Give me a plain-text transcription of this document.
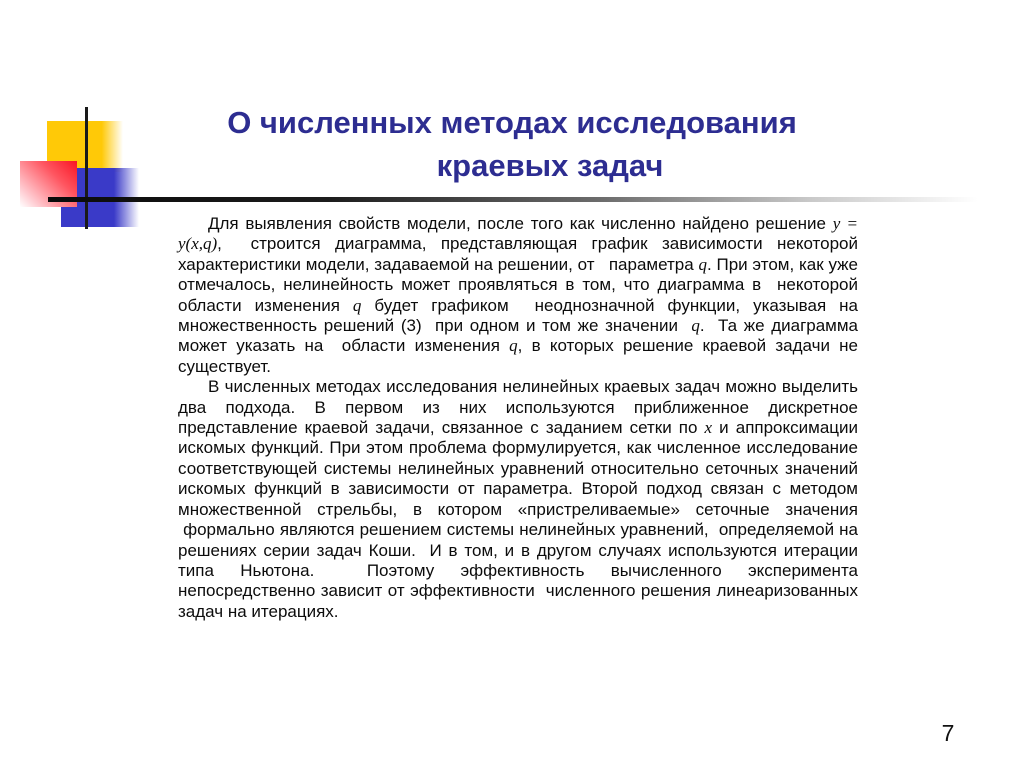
О численных методах исследования
краевых задач

Для выявления свойств модели, после того как численно найдено решение y = y(x,q),  строится диаграмма, представляющая график зависимости некоторой характеристики модели, задаваемой на решении, от   параметра q. При этом, как уже отмечалось, нелинейность может проявляться в том, что диаграмма в  некоторой области изменения q будет графиком  неоднозначной функции, указывая на множественность решений (3)  при одном и том же значении  q.  Та же диаграмма может указать на  области изменения q, в которых решение краевой задачи не существует.

В численных методах исследования нелинейных краевых задач можно выделить два подхода. В первом из них используются приближенное дискретное представление краевой задачи, связанное с заданием сетки по x и аппроксимации искомых функций. При этом проблема формулируется, как численное исследование соответствующей системы нелинейных уравнений относительно сеточных значений искомых функций в зависимости от параметра. Второй подход связан с методом множественной стрельбы, в котором «пристреливаемые» сеточные значения  формально являются решением системы нелинейных уравнений,  определяемой на решениях серии задач Коши.  И в том, и в другом случаях используются итерации типа Ньютона.  Поэтому эффективность вычисленного эксперимента непосредственно зависит от эффективности  численного решения линеаризованных задач на итерациях.

7
